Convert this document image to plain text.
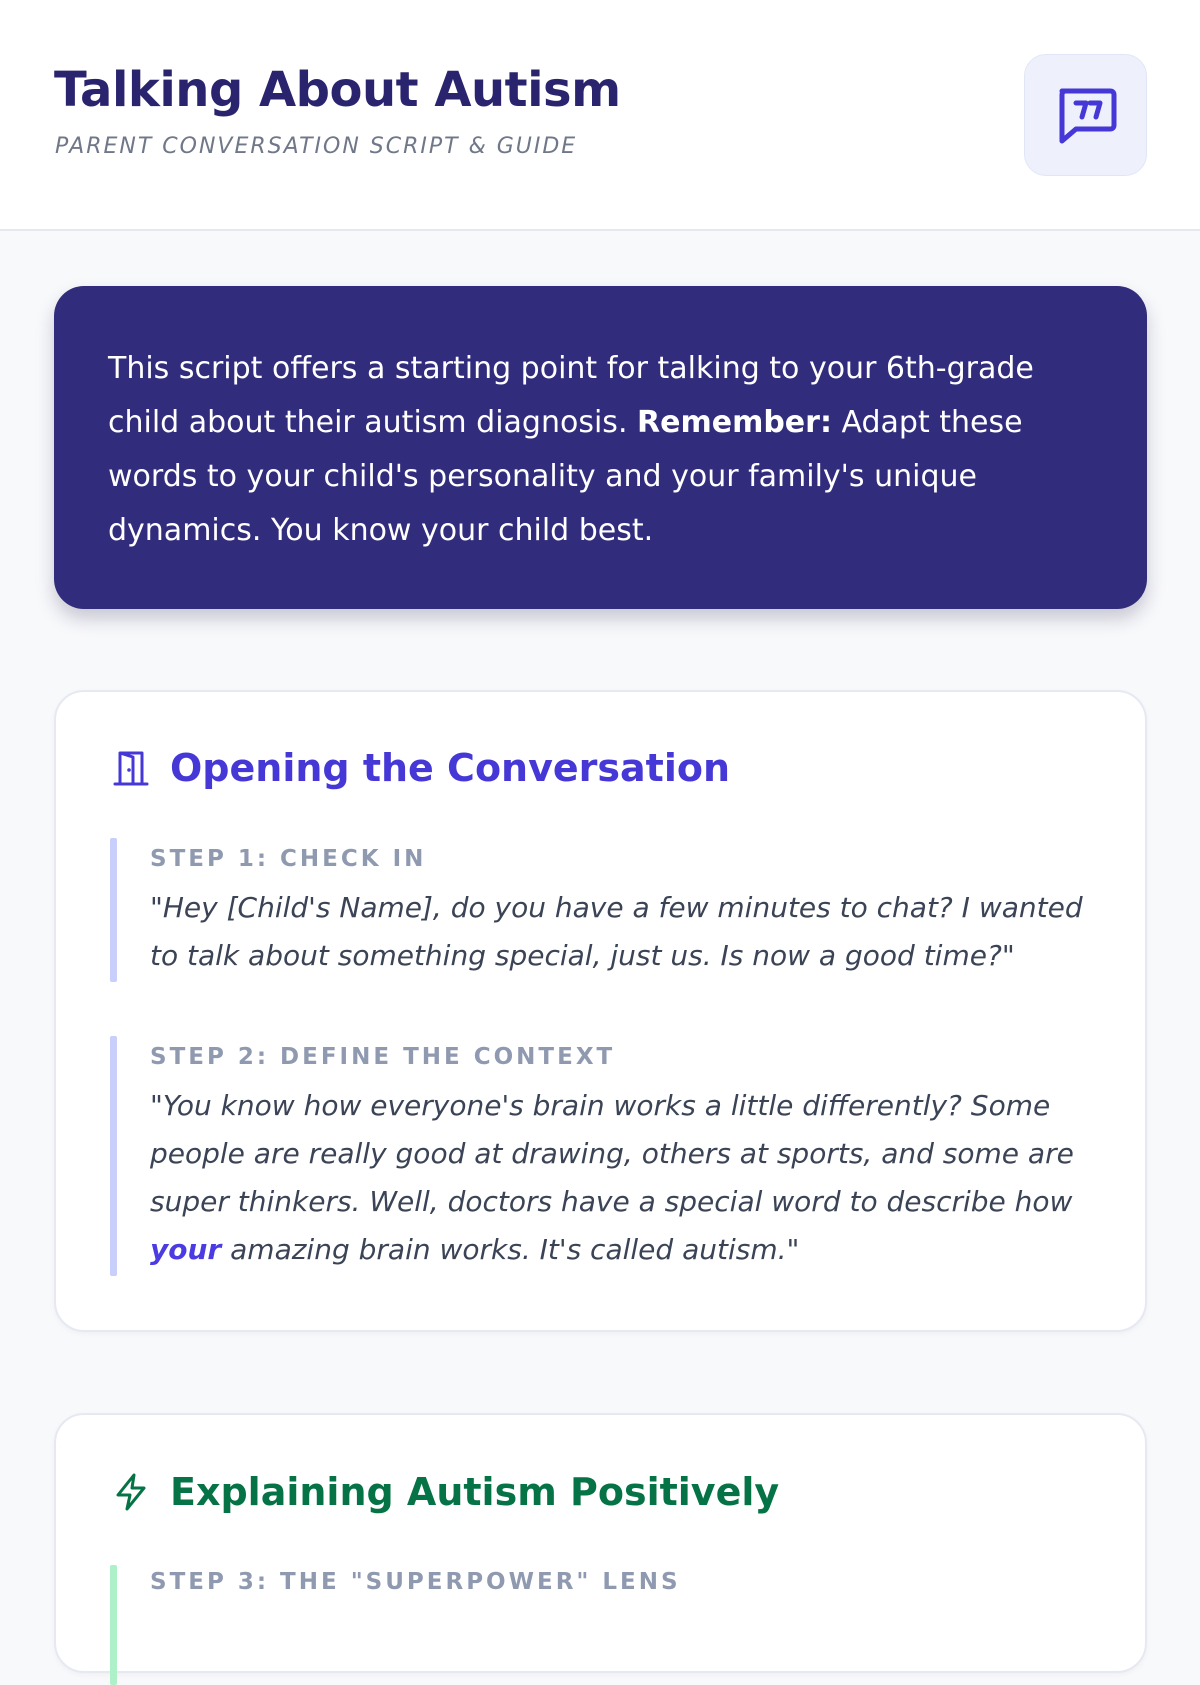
Talking About Autism
PARENT CONVERSATION SCRIPT & GUIDE

This script offers a starting point for talking to your 6th-grade child about their autism diagnosis. Remember: Adapt these words to your child's personality and your family's unique dynamics. You know your child best.

Opening the Conversation
STEP 1: CHECK IN

"Hey [Child's Name], do you have a few minutes to chat? I wanted to talk about something special, just us. Is now a good time?"

STEP 2: DEFINE THE CONTEXT

"You know how everyone's brain works a little differently? Some people are really good at drawing, others at sports, and some are super thinkers. Well, doctors have a special word to describe how your amazing brain works. It's called autism."

Explaining Autism Positively
STEP 3: THE "SUPERPOWER" LENS
